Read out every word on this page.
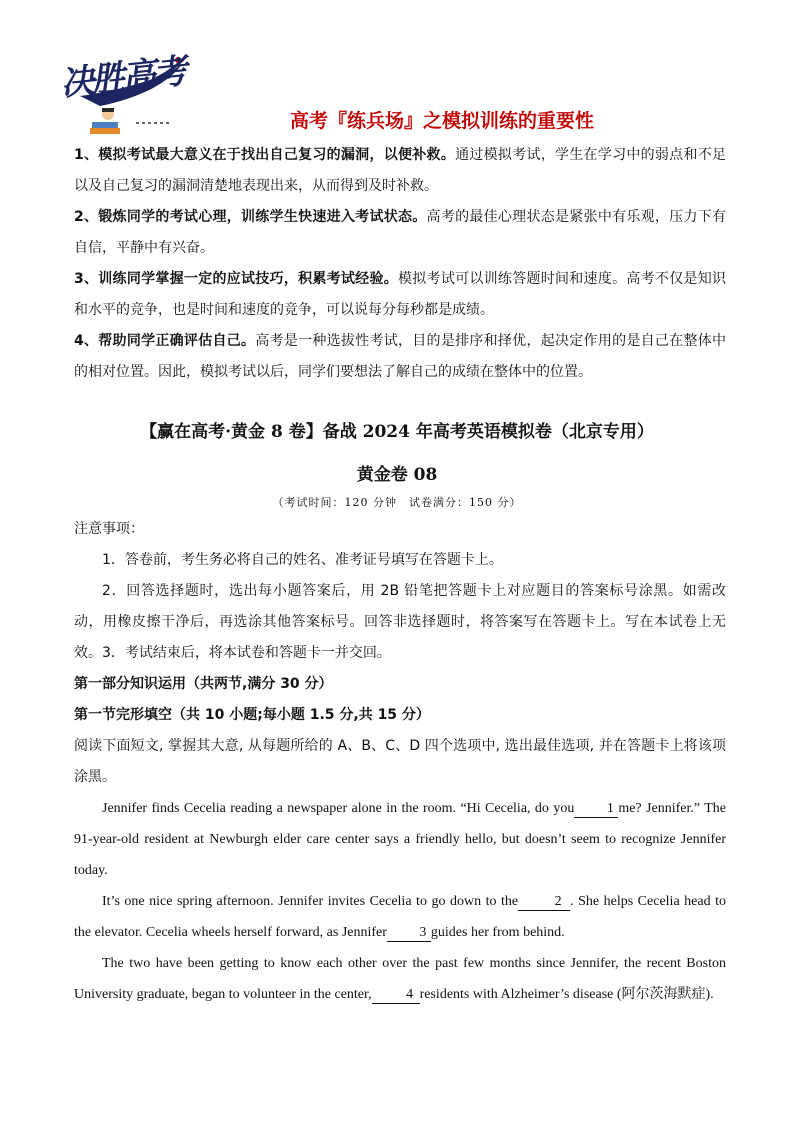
决胜高考
高考『练兵场』之模拟训练的重要性
1、模拟考试最大意义在于找出自己复习的漏洞，以便补救。通过模拟考试，学生在学习中的弱点和不足以及自己复习的漏洞清楚地表现出来，从而得到及时补救。
2、锻炼同学的考试心理，训练学生快速进入考试状态。高考的最佳心理状态是紧张中有乐观，压力下有自信，平静中有兴奋。
3、训练同学掌握一定的应试技巧，积累考试经验。模拟考试可以训练答题时间和速度。高考不仅是知识和水平的竞争，也是时间和速度的竞争，可以说每分每秒都是成绩。
4、帮助同学正确评估自己。高考是一种选拔性考试，目的是排序和择优，起决定作用的是自己在整体中的相对位置。因此，模拟考试以后，同学们要想法了解自己的成绩在整体中的位置。
【赢在高考·黄金 8 卷】备战 2024 年高考英语模拟卷（北京专用）
黄金卷 08
（考试时间：120 分钟　试卷满分：150 分）
注意事项：
1．答卷前，考生务必将自己的姓名、准考证号填写在答题卡上。
2．回答选择题时，选出每小题答案后，用 2B 铅笔把答题卡上对应题目的答案标号涂黑。如需改动，用橡皮擦干净后，再选涂其他答案标号。回答非选择题时，将答案写在答题卡上。写在本试卷上无效。 3．考试结束后，将本试卷和答题卡一并交回。
第一部分知识运用（共两节,满分 30 分）
第一节完形填空（共 10 小题;每小题 1.5 分,共 15 分）
阅读下面短文, 掌握其大意, 从每题所给的 A、B、C、D 四个选项中, 选出最佳选项, 并在答题卡上将该项涂黑。
Jennifer finds Cecelia reading a newspaper alone in the room. “Hi Cecelia, do you 1 me? Jennifer.” The 91-year-old resident at Newburgh elder care center says a friendly hello, but doesn’t seem to recognize Jennifer today.
It’s one nice spring afternoon. Jennifer invites Cecelia to go down to the	2 . She helps Cecelia head to the elevator. Cecelia wheels herself forward, as Jennifer 3 guides her from behind.
The two have been getting to know each other over the past few months since Jennifer, the recent Boston University graduate, began to volunteer in the center, 4 residents with Alzheimer’s disease (阿尔茨海默症).
